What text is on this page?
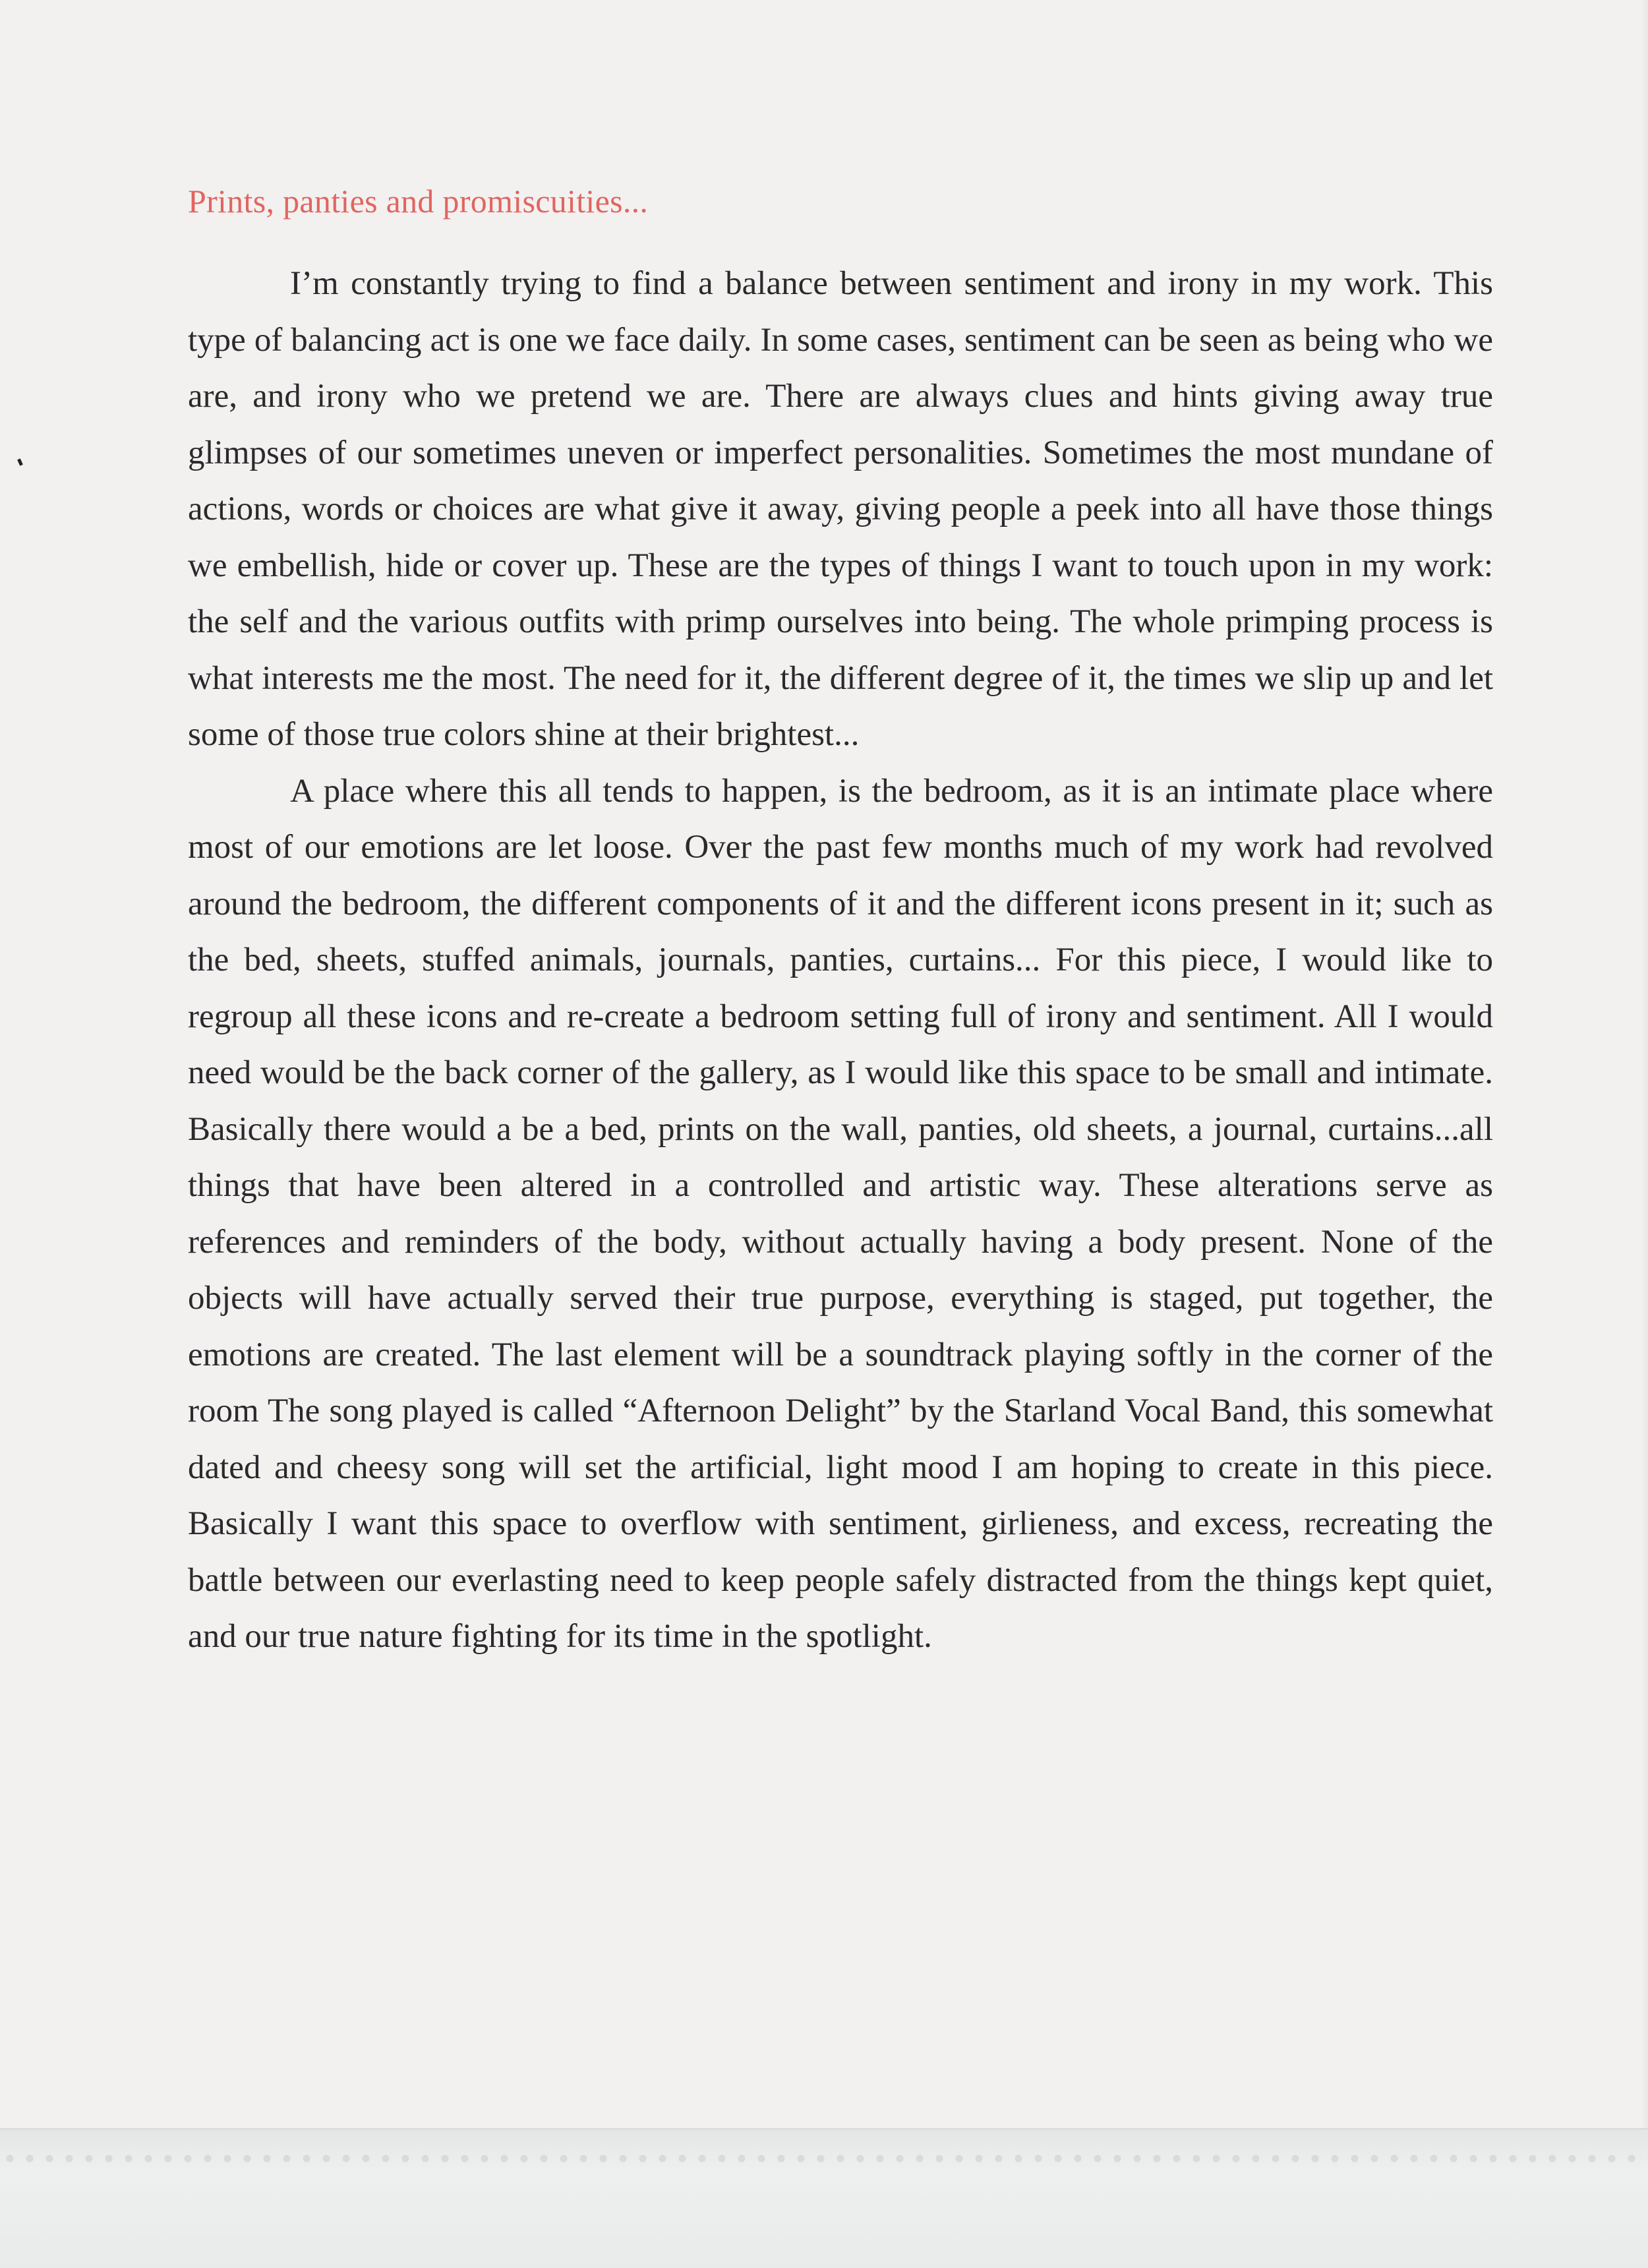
Prints, panties and promiscuities...

I’m constantly trying to find a balance between sentiment and irony in my work. This type of balancing act is one we face daily. In some cases, sentiment can be seen as being who we are, and irony who we pretend we are. There are always clues and hints giving away true glimpses of our sometimes uneven or imperfect personalities. Sometimes the most mundane of actions, words or choices are what give it away, giving people a peek into all have those things we embellish, hide or cover up. These are the types of things I want to touch upon in my work: the self and the various outfits with primp ourselves into being. The whole primping process is what interests me the most. The need for it, the different degree of it, the times we slip up and let some of those true colors shine at their brightest...

A place where this all tends to happen, is the bedroom, as it is an intimate place where most of our emotions are let loose. Over the past few months much of my work had revolved around the bedroom, the different components of it and the different icons present in it; such as the bed, sheets, stuffed animals, journals, panties, curtains... For this piece, I would like to regroup all these icons and re-create a bedroom setting full of irony and sentiment. All I would need would be the back corner of the gallery, as I would like this space to be small and intimate. Basically there would a be a bed, prints on the wall, panties, old sheets, a journal, curtains...all things that have been altered in a controlled and artistic way. These alterations serve as references and reminders of the body, without actually having a body present. None of the objects will have actually served their true purpose, everything is staged, put together, the emotions are created. The last element will be a soundtrack playing softly in the corner of the room The song played is called “Afternoon Delight” by the Starland Vocal Band, this somewhat dated and cheesy song will set the artificial, light mood I am hoping to create in this piece. Basically I want this space to overflow with sentiment, girlieness, and excess, recreating the battle between our everlasting need to keep people safely distracted from the things kept quiet, and our true nature fighting for its time in the spotlight.
